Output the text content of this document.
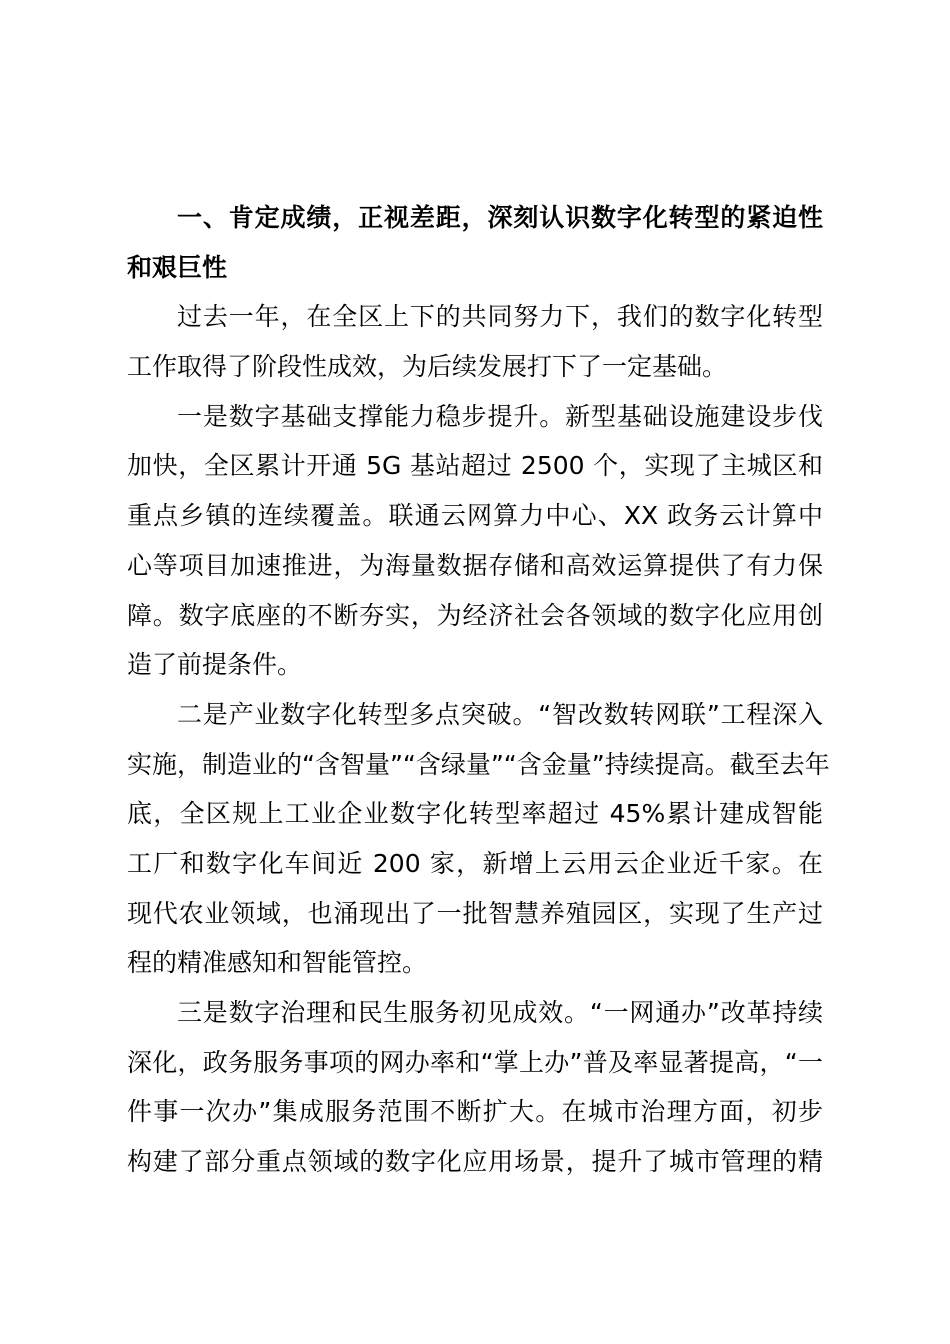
一、肯定成绩，正视差距，深刻认识数字化转型的紧迫性
和艰巨性
过去一年，在全区上下的共同努力下，我们的数字化转型
工作取得了阶段性成效，为后续发展打下了一定基础。
一是数字基础支撑能力稳步提升。新型基础设施建设步伐
加快，全区累计开通 5G 基站超过 2500 个，实现了主城区和
重点乡镇的连续覆盖。联通云网算力中心、XX 政务云计算中
心等项目加速推进，为海量数据存储和高效运算提供了有力保
障。数字底座的不断夯实，为经济社会各领域的数字化应用创
造了前提条件。
二是产业数字化转型多点突破。“智改数转网联”工程深入
实施，制造业的“含智量”“含绿量”“含金量”持续提高。截至去年
底，全区规上工业企业数字化转型率超过 45%累计建成智能
工厂和数字化车间近 200 家，新增上云用云企业近千家。在
现代农业领域，也涌现出了一批智慧养殖园区，实现了生产过
程的精准感知和智能管控。
三是数字治理和民生服务初见成效。“一网通办”改革持续
深化，政务服务事项的网办率和“掌上办”普及率显著提高，“一
件事一次办”集成服务范围不断扩大。在城市治理方面，初步
构建了部分重点领域的数字化应用场景，提升了城市管理的精
